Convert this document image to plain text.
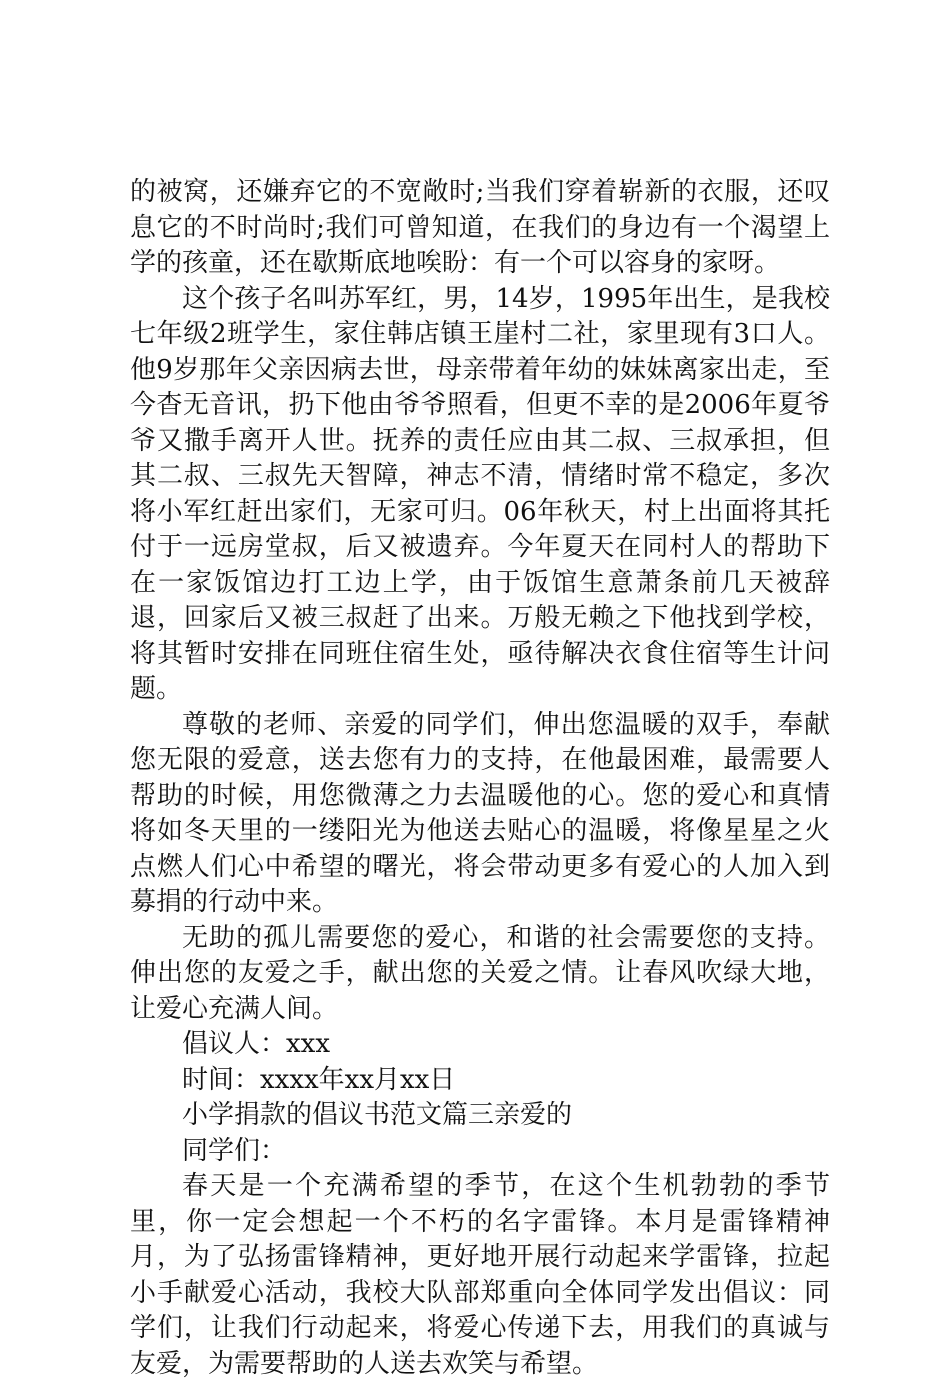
的被窝，还嫌弃它的不宽敞时;当我们穿着崭新的衣服，还叹息它的不时尚时;我们可曾知道，在我们的身边有一个渴望上学的孩童，还在歇斯底地唉盼：有一个可以容身的家呀。

这个孩子名叫苏军红，男，14岁，1995年出生，是我校七年级2班学生，家住韩店镇王崖村二社，家里现有3口人。他9岁那年父亲因病去世，母亲带着年幼的妹妹离家出走，至今杳无音讯，扔下他由爷爷照看，但更不幸的是2006年夏爷爷又撒手离开人世。抚养的责任应由其二叔、三叔承担，但其二叔、三叔先天智障，神志不清，情绪时常不稳定，多次将小军红赶出家们，无家可归。06年秋天，村上出面将其托付于一远房堂叔，后又被遗弃。今年夏天在同村人的帮助下在一家饭馆边打工边上学，由于饭馆生意萧条前几天被辞退，回家后又被三叔赶了出来。万般无赖之下他找到学校，将其暂时安排在同班住宿生处，亟待解决衣食住宿等生计问题。

尊敬的老师、亲爱的同学们，伸出您温暖的双手，奉献您无限的爱意，送去您有力的支持，在他最困难，最需要人帮助的时候，用您微薄之力去温暖他的心。您的爱心和真情将如冬天里的一缕阳光为他送去贴心的温暖，将像星星之火点燃人们心中希望的曙光，将会带动更多有爱心的人加入到募捐的行动中来。

无助的孤儿需要您的爱心，和谐的社会需要您的支持。伸出您的友爱之手，献出您的关爱之情。让春风吹绿大地，让爱心充满人间。

倡议人：xxx

时间：xxxx年xx月xx日

小学捐款的倡议书范文篇三亲爱的

同学们：

春天是一个充满希望的季节，在这个生机勃勃的季节里，你一定会想起一个不朽的名字雷锋。本月是雷锋精神月，为了弘扬雷锋精神，更好地开展行动起来学雷锋，拉起小手献爱心活动，我校大队部郑重向全体同学发出倡议：同学们，让我们行动起来，将爱心传递下去，用我们的真诚与友爱，为需要帮助的人送去欢笑与希望。
